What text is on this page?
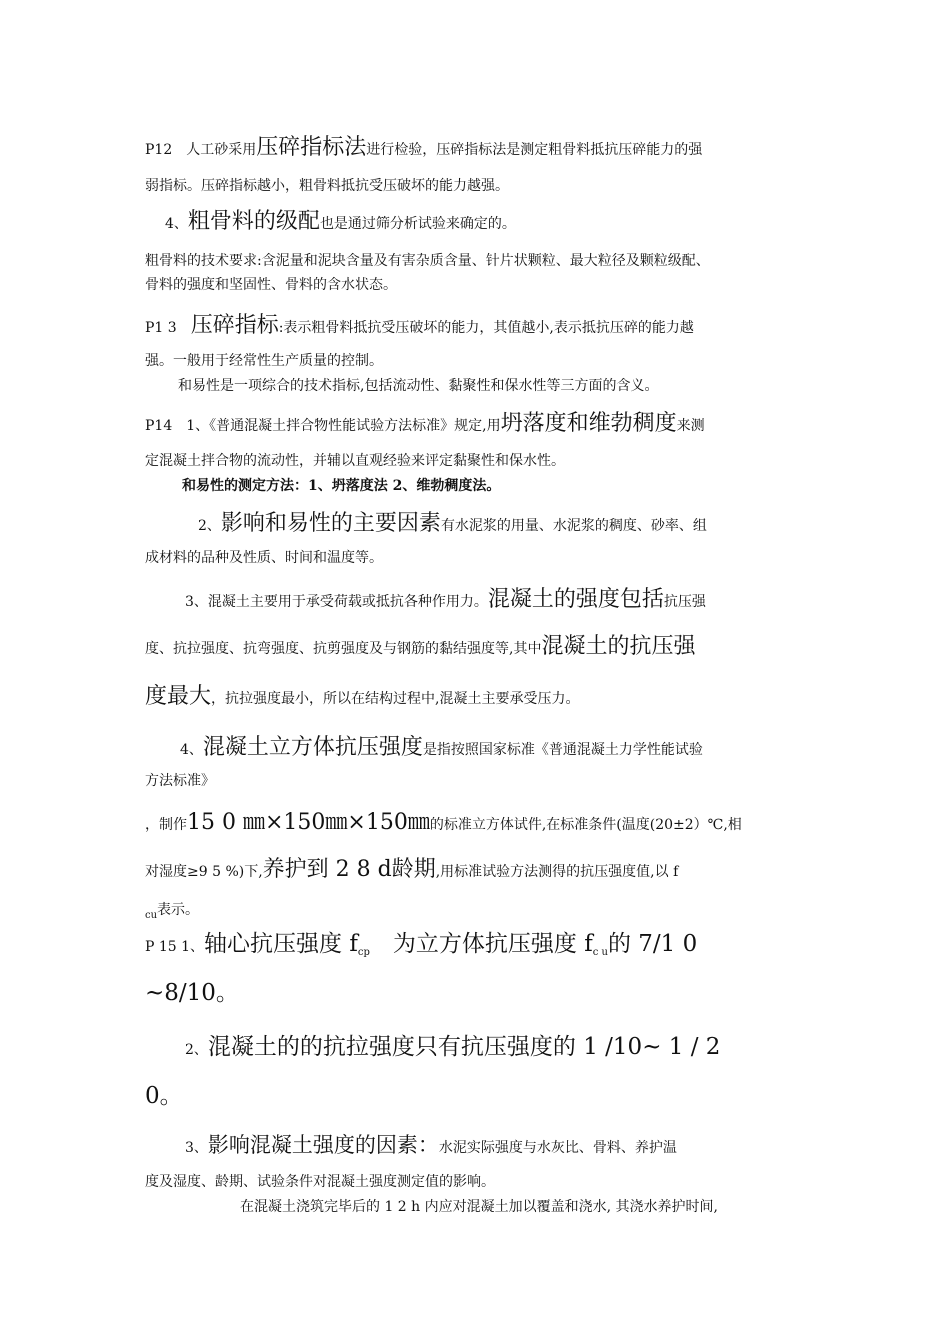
P12　人工砂采用压碎指标法进行检验，压碎指标法是测定粗骨料抵抗压碎能力的强
弱指标。压碎指标越小，粗骨料抵抗受压破坏的能力越强。
4、粗骨料的级配也是通过筛分析试验来确定的。
粗骨料的技术要求:含泥量和泥块含量及有害杂质含量、针片状颗粒、最大粒径及颗粒级配、
骨料的强度和坚固性、骨料的含水状态。
P1 3　压碎指标:表示粗骨料抵抗受压破坏的能力，其值越小,表示抵抗压碎的能力越
强。一般用于经常性生产质量的控制。
和易性是一项综合的技术指标,包括流动性、黏聚性和保水性等三方面的含义。
P14　1、《普通混凝土拌合物性能试验方法标准》规定,用坍落度和维勃稠度来测
定混凝土拌合物的流动性，并辅以直观经验来评定黏聚性和保水性。
和易性的测定方法：1、坍落度法 2、维勃稠度法。
2、影响和易性的主要因素有水泥浆的用量、水泥浆的稠度、砂率、组
成材料的品种及性质、时间和温度等。
3、混凝土主要用于承受荷载或抵抗各种作用力。混凝土的强度包括抗压强
度、抗拉强度、抗弯强度、抗剪强度及与钢筋的黏结强度等,其中混凝土的抗压强
度最大，抗拉强度最小，所以在结构过程中,混凝土主要承受压力。
4、混凝土立方体抗压强度是指按照国家标准《普通混凝土力学性能试验
方法标准》
，制作15 0 ㎜×150㎜×150㎜的标准立方体试件,在标准条件(温度(20±2）℃,相
对湿度≥9 5 %)下,养护到 2 8 d龄期,用标准试验方法测得的抗压强度值,以 f
$_{cu}$表示。
P 15 1、轴心抗压强度 $f_{cp}$　为立方体抗压强度 $f_{c u}$的 7/1 0
~8/10。
2、混凝土的的抗拉强度只有抗压强度的 1 /10~ 1 / 2
0。
3、影响混凝土强度的因素：水泥实际强度与水灰比、骨料、养护温
度及湿度、龄期、试验条件对混凝土强度测定值的影响。
在混凝土浇筑完毕后的 1 2 h 内应对混凝土加以覆盖和浇水, 其浇水养护时间,
